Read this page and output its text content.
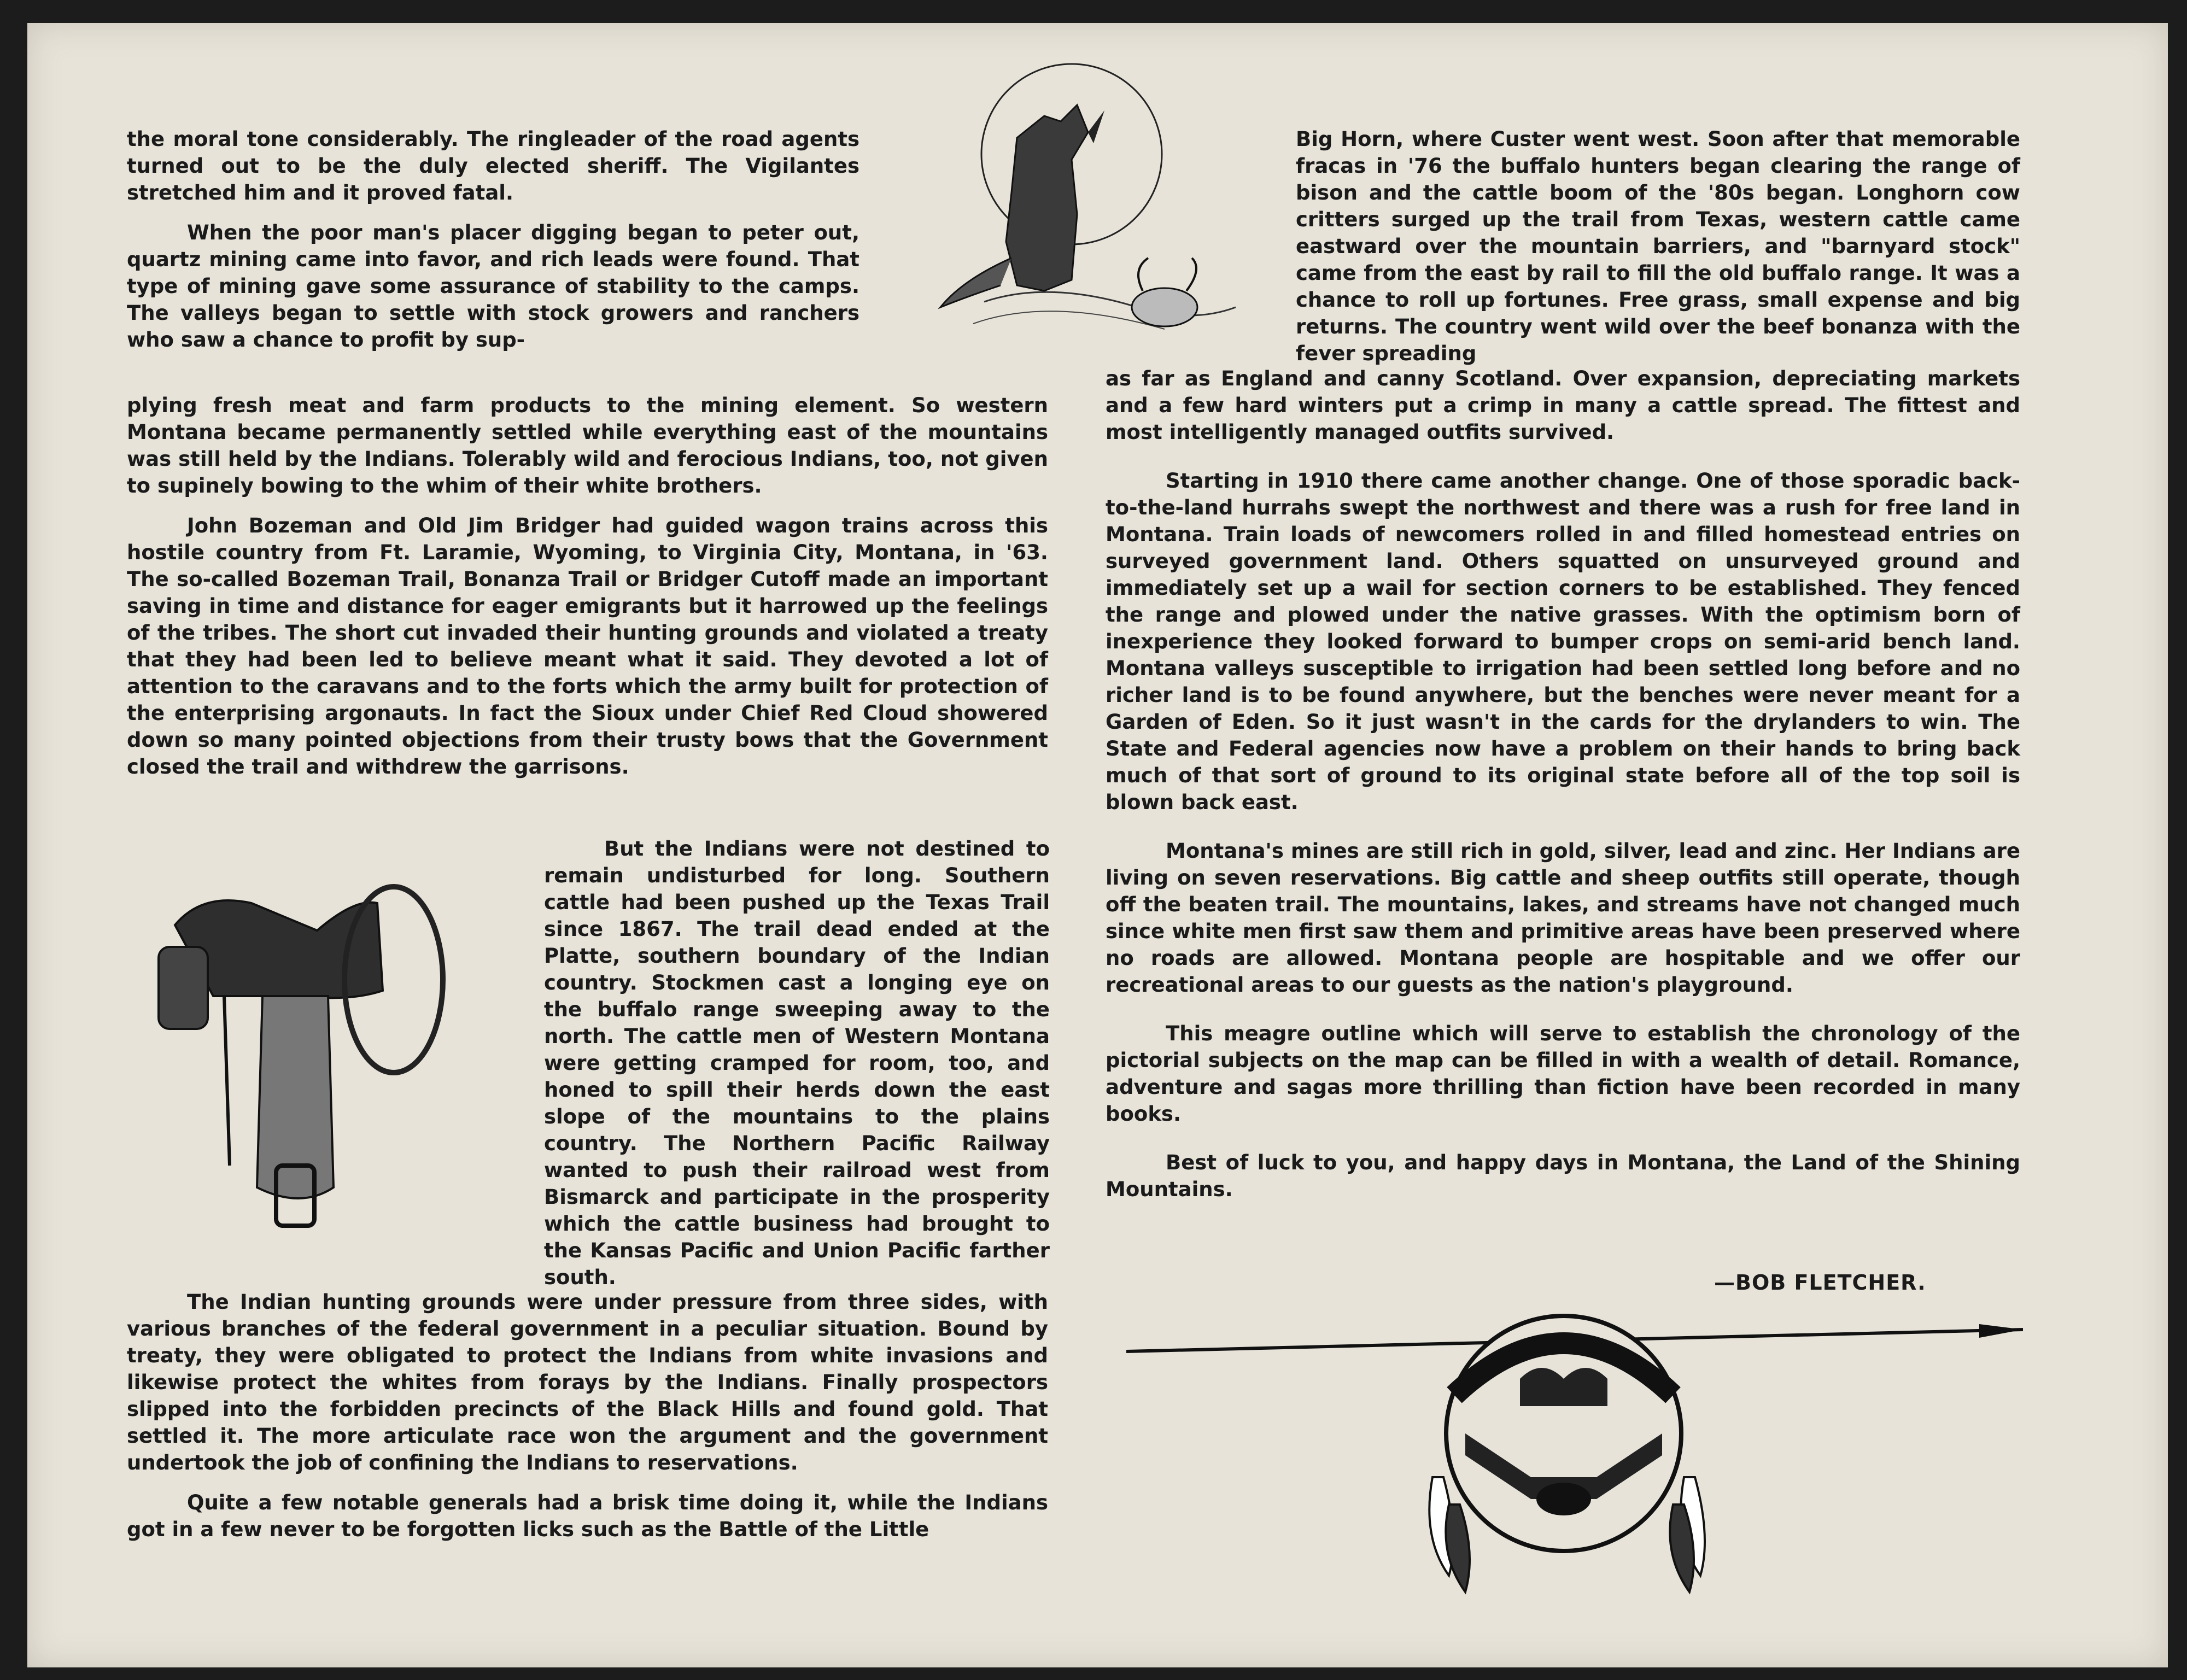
the moral tone considerably. The ringleader of the road agents turned out to be the duly elected sheriff. The Vigilantes stretched him and it proved fatal.

When the poor man's placer digging began to peter out, quartz mining came into favor, and rich leads were found. That type of mining gave some assurance of stability to the camps. The valleys began to settle with stock growers and ranchers who saw a chance to profit by sup-

plying fresh meat and farm products to the mining element. So western Montana became permanently settled while everything east of the mountains was still held by the Indians. Tolerably wild and ferocious Indians, too, not given to supinely bowing to the whim of their white brothers.

John Bozeman and Old Jim Bridger had guided wagon trains across this hostile country from Ft. Laramie, Wyoming, to Virginia City, Montana, in '63. The so-called Bozeman Trail, Bonanza Trail or Bridger Cutoff made an important saving in time and distance for eager emigrants but it harrowed up the feelings of the tribes. The short cut invaded their hunting grounds and violated a treaty that they had been led to believe meant what it said. They devoted a lot of attention to the caravans and to the forts which the army built for protection of the enterprising argonauts. In fact the Sioux under Chief Red Cloud showered down so many pointed objections from their trusty bows that the Government closed the trail and withdrew the garrisons.

But the Indians were not destined to remain undisturbed for long. Southern cattle had been pushed up the Texas Trail since 1867. The trail dead ended at the Platte, southern boundary of the Indian country. Stockmen cast a longing eye on the buffalo range sweeping away to the north. The cattle men of Western Montana were getting cramped for room, too, and honed to spill their herds down the east slope of the mountains to the plains country. The Northern Pacific Railway wanted to push their railroad west from Bismarck and participate in the prosperity which the cattle business had brought to the Kansas Pacific and Union Pacific farther south.

The Indian hunting grounds were under pressure from three sides, with various branches of the federal government in a peculiar situation. Bound by treaty, they were obligated to protect the Indians from white invasions and likewise protect the whites from forays by the Indians. Finally prospectors slipped into the forbidden precincts of the Black Hills and found gold. That settled it. The more articulate race won the argument and the government undertook the job of confining the Indians to reservations.

Quite a few notable generals had a brisk time doing it, while the Indians got in a few never to be forgotten licks such as the Battle of the Little

Big Horn, where Custer went west. Soon after that memorable fracas in '76 the buffalo hunters began clearing the range of bison and the cattle boom of the '80s began. Longhorn cow critters surged up the trail from Texas, western cattle came eastward over the mountain barriers, and "barnyard stock" came from the east by rail to fill the old buffalo range. It was a chance to roll up fortunes. Free grass, small expense and big returns. The country went wild over the beef bonanza with the fever spreading

as far as England and canny Scotland. Over expansion, depreciating markets and a few hard winters put a crimp in many a cattle spread. The fittest and most intelligently managed outfits survived.

Starting in 1910 there came another change. One of those sporadic back-to-the-land hurrahs swept the northwest and there was a rush for free land in Montana. Train loads of newcomers rolled in and filled homestead entries on surveyed government land. Others squatted on unsurveyed ground and immediately set up a wail for section corners to be established. They fenced the range and plowed under the native grasses. With the optimism born of inexperience they looked forward to bumper crops on semi-arid bench land. Montana valleys susceptible to irrigation had been settled long before and no richer land is to be found anywhere, but the benches were never meant for a Garden of Eden. So it just wasn't in the cards for the drylanders to win. The State and Federal agencies now have a problem on their hands to bring back much of that sort of ground to its original state before all of the top soil is blown back east.

Montana's mines are still rich in gold, silver, lead and zinc. Her Indians are living on seven reservations. Big cattle and sheep outfits still operate, though off the beaten trail. The mountains, lakes, and streams have not changed much since white men first saw them and primitive areas have been preserved where no roads are allowed. Montana people are hospitable and we offer our recreational areas to our guests as the nation's playground.

This meagre outline which will serve to establish the chronology of the pictorial subjects on the map can be filled in with a wealth of detail. Romance, adventure and sagas more thrilling than fiction have been recorded in many books.

Best of luck to you, and happy days in Montana, the Land of the Shining Mountains.

—BOB FLETCHER.
